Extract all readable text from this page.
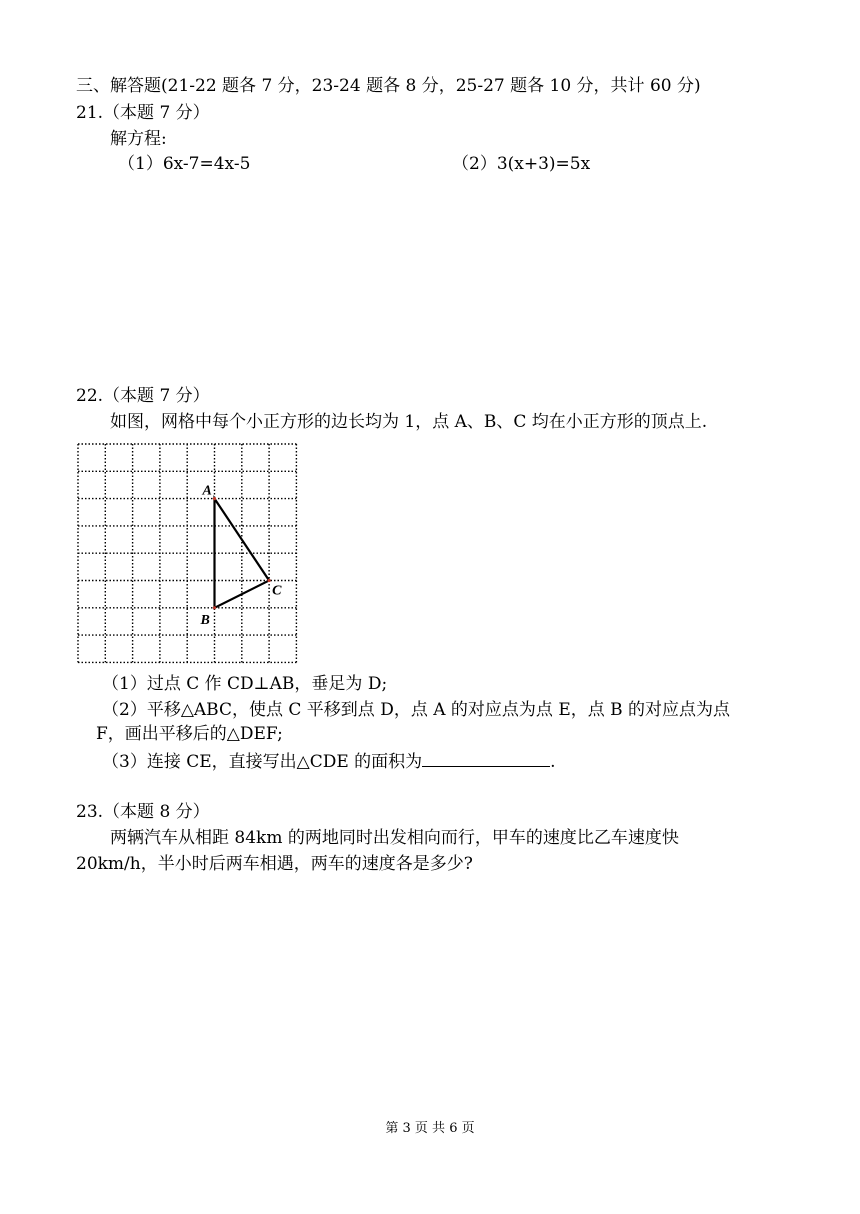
三、解答题(21-22 题各 7 分，23-24 题各 8 分，25-27 题各 10 分，共计 60 分)
21.（本题 7 分）
解方程:
（1）6x-7=4x-5	（2）3(x+3)=5x
22.（本题 7 分）
如图，网格中每个小正方形的边长均为 1，点 A、B、C 均在小正方形的顶点上.
A
B
C
（1）过点 C 作 CD⊥AB，垂足为 D;
（2）平移△ABC，使点 C 平移到点 D，点 A 的对应点为点 E，点 B 的对应点为点
F，画出平移后的△DEF;
（3）连接 CE，直接写出△CDE 的面积为	.
23.（本题 8 分）
两辆汽车从相距 84km 的两地同时出发相向而行，甲车的速度比乙车速度快
20km/h，半小时后两车相遇，两车的速度各是多少?
第 3 页 共 6 页
